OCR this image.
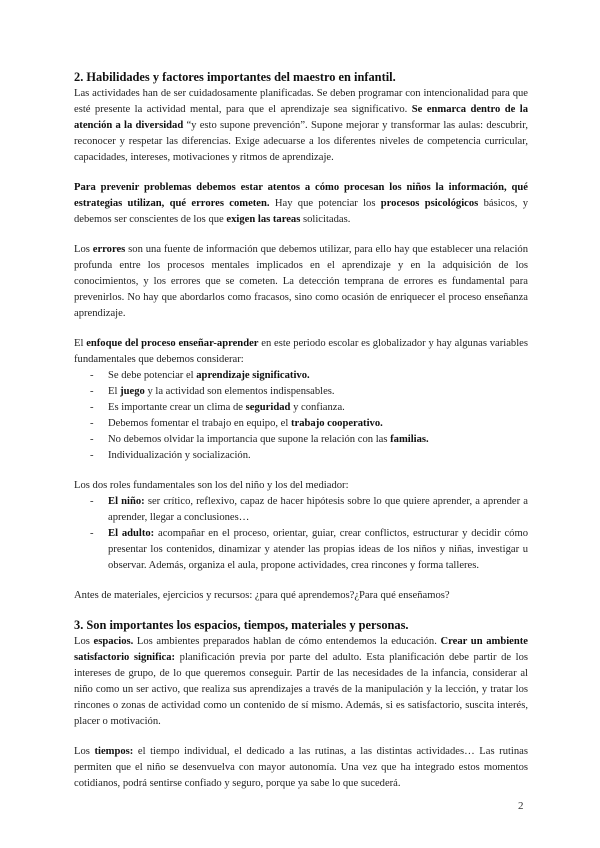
2. Habilidades y factores importantes del maestro en infantil.

Las actividades han de ser cuidadosamente planificadas. Se deben programar con intencionalidad para que esté presente la actividad mental, para que el aprendizaje sea significativo. Se enmarca dentro de la atención a la diversidad “y esto supone prevención”. Supone mejorar y transformar las aulas: descubrir, reconocer y respetar las diferencias. Exige adecuarse a los diferentes niveles de competencia curricular, capacidades, intereses, motivaciones y ritmos de aprendizaje.

Para prevenir problemas debemos estar atentos a cómo procesan los niños la información, qué estrategias utilizan, qué errores cometen. Hay que potenciar los procesos psicológicos básicos, y debemos ser conscientes de los que exigen las tareas solicitadas.

Los errores son una fuente de información que debemos utilizar, para ello hay que establecer una relación profunda entre los procesos mentales implicados en el aprendizaje y en la adquisición de los conocimientos, y los errores que se cometen. La detección temprana de errores es fundamental para prevenirlos. No hay que abordarlos como fracasos, sino como ocasión de enriquecer el proceso enseñanza aprendizaje.

El enfoque del proceso enseñar-aprender en este periodo escolar es globalizador y hay algunas variables fundamentales que debemos considerar:

- Se debe potenciar el aprendizaje significativo.
- El juego y la actividad son elementos indispensables.
- Es importante crear un clima de seguridad y confianza.
- Debemos fomentar el trabajo en equipo, el trabajo cooperativo.
- No debemos olvidar la importancia que supone la relación con las familias.
- Individualización y socialización.

Los dos roles fundamentales son los del niño y los del mediador:

- El niño: ser crítico, reflexivo, capaz de hacer hipótesis sobre lo que quiere aprender, a aprender a aprender, llegar a conclusiones…
- El adulto: acompañar en el proceso, orientar, guiar, crear conflictos, estructurar y decidir cómo presentar los contenidos, dinamizar y atender las propias ideas de los niños y niñas, investigar u observar. Además, organiza el aula, propone actividades, crea rincones y forma talleres.

Antes de materiales, ejercicios y recursos: ¿para qué aprendemos?¿Para qué enseñamos?

3. Son importantes los espacios, tiempos, materiales y personas.

Los espacios. Los ambientes preparados hablan de cómo entendemos la educación. Crear un ambiente satisfactorio significa: planificación previa por parte del adulto. Esta planificación debe partir de los intereses de grupo, de lo que queremos conseguir. Partir de las necesidades de la infancia, considerar al niño como un ser activo, que realiza sus aprendizajes a través de la manipulación y la lección, y tratar los rincones o zonas de actividad como un contenido de sí mismo. Además, si es satisfactorio, suscita interés, placer o motivación.

Los tiempos: el tiempo individual, el dedicado a las rutinas, a las distintas actividades… Las rutinas permiten que el niño se desenvuelva con mayor autonomía. Una vez que ha integrado estos momentos cotidianos, podrá sentirse confiado y seguro, porque ya sabe lo que sucederá.

2
